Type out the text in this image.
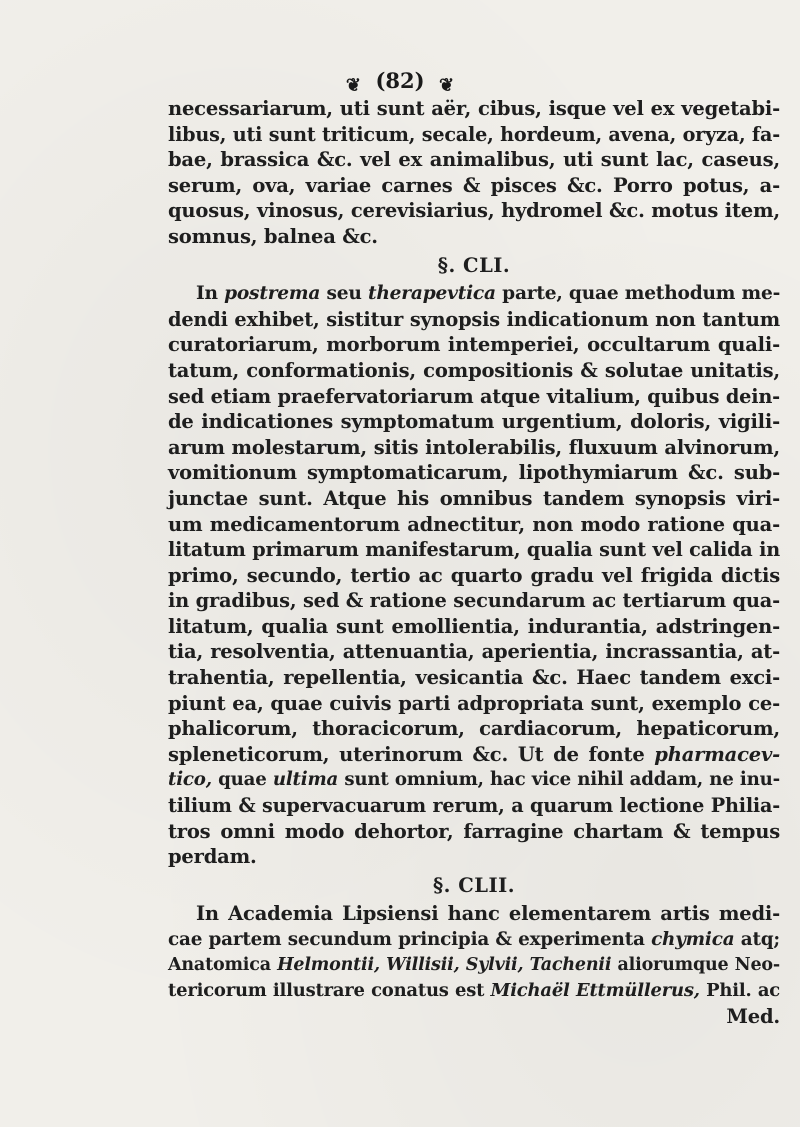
❦ (82) ❦
necessariarum, uti sunt aër, cibus, isque vel ex vegetabi-
libus, uti sunt triticum, secale, hordeum, avena, oryza, fa-
bae, brassica &c. vel ex animalibus, uti sunt lac, caseus,
serum, ova, variae carnes & pisces &c. Porro potus, a-
quosus, vinosus, cerevisiarius, hydromel &c. motus item,
somnus, balnea &c.
§. CLI.
In postrema seu therapevtica parte, quae methodum me-
dendi exhibet, sistitur synopsis indicationum non tantum
curatoriarum, morborum intemperiei, occultarum quali-
tatum, conformationis, compositionis & solutae unitatis,
sed etiam praefervatoriarum atque vitalium, quibus dein-
de indicationes symptomatum urgentium, doloris, vigili-
arum molestarum, sitis intolerabilis, fluxuum alvinorum,
vomitionum symptomaticarum, lipothymiarum &c. sub-
junctae sunt. Atque his omnibus tandem synopsis viri-
um medicamentorum adnectitur, non modo ratione qua-
litatum primarum manifestarum, qualia sunt vel calida in
primo, secundo, tertio ac quarto gradu vel frigida dictis
in gradibus, sed & ratione secundarum ac tertiarum qua-
litatum, qualia sunt emollientia, indurantia, adstringen-
tia, resolventia, attenuantia, aperientia, incrassantia, at-
trahentia, repellentia, vesicantia &c. Haec tandem exci-
piunt ea, quae cuivis parti adpropriata sunt, exemplo ce-
phalicorum, thoracicorum, cardiacorum, hepaticorum,
spleneticorum, uterinorum &c. Ut de fonte pharmacev-
tico, quae ultima sunt omnium, hac vice nihil addam, ne inu-
tilium & supervacuarum rerum, a quarum lectione Philia-
tros omni modo dehortor, farragine chartam & tempus
perdam.
§. CLII.
In Academia Lipsiensi hanc elementarem artis medi-
cae partem secundum principia & experimenta chymica atq;
Anatomica Helmontii, Willisii, Sylvii, Tachenii aliorumque Neo-
tericorum illustrare conatus est Michaël Ettmüllerus, Phil. ac
Med.
